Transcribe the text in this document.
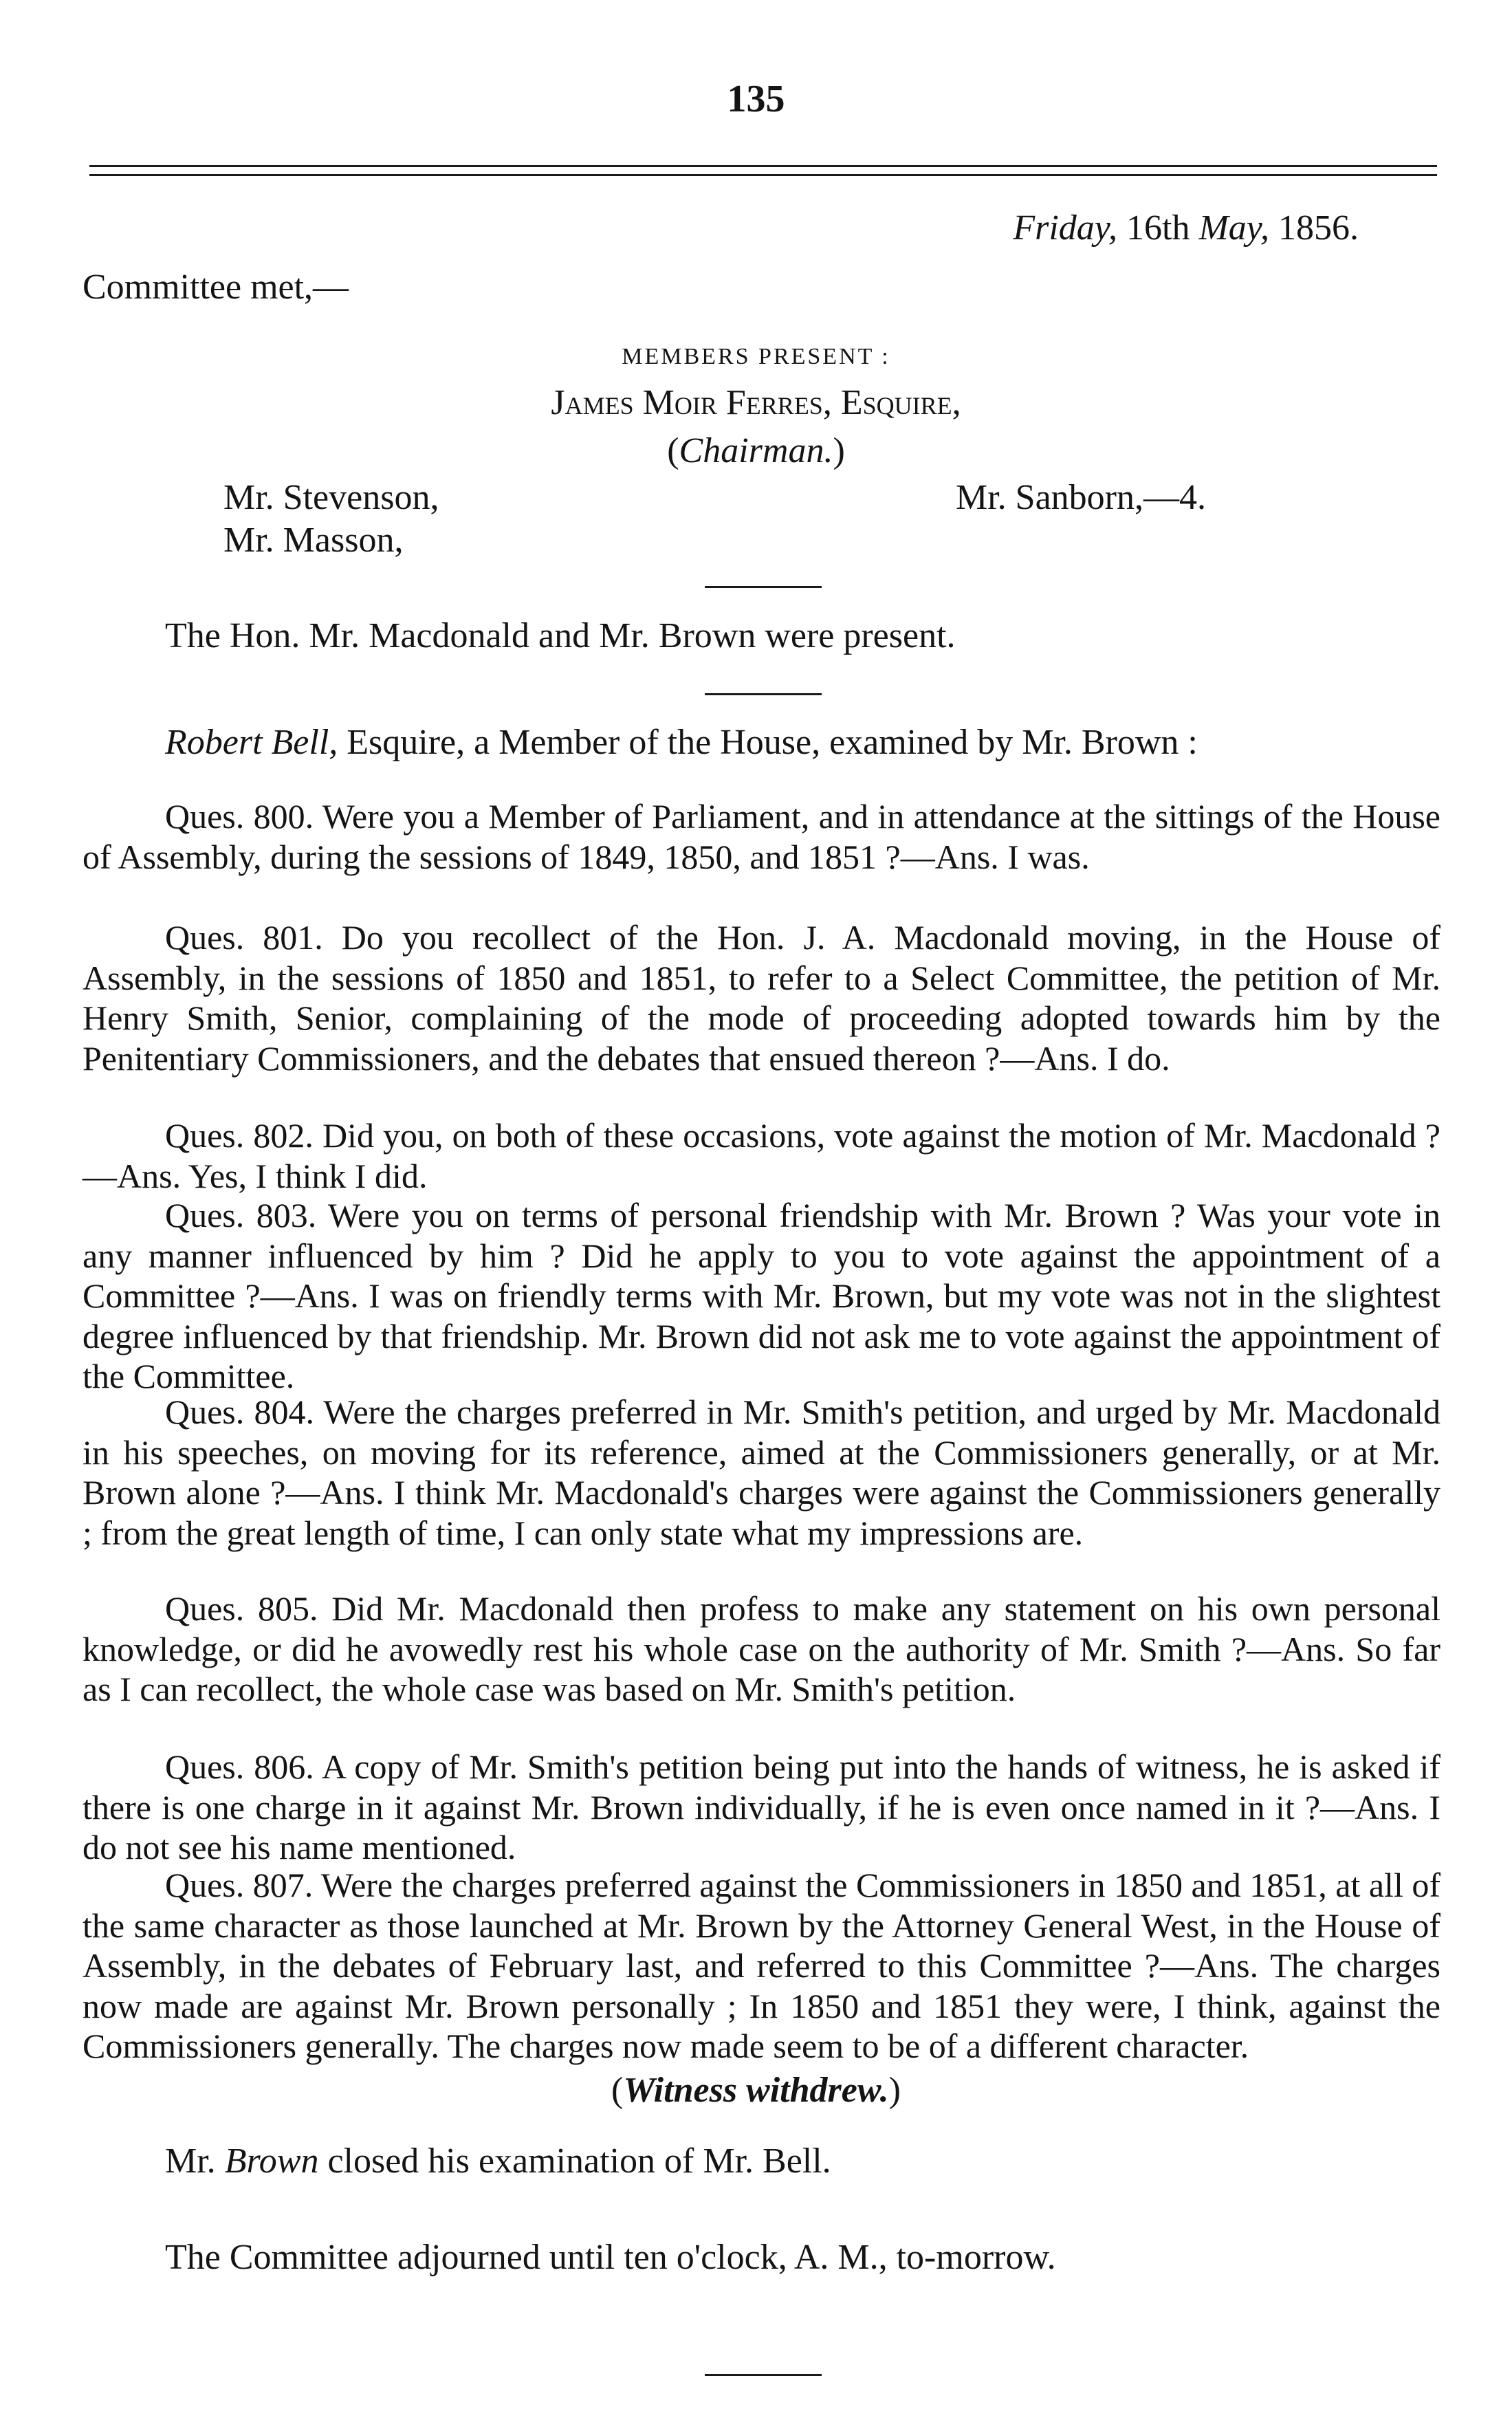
135
Friday, 16th May, 1856.
Committee met,—
MEMBERS PRESENT :
James Moir Ferres, Esquire,
(Chairman.)
Mr. Stevenson,
Mr. Masson,
Mr. Sanborn,—4.
The Hon. Mr. Macdonald and Mr. Brown were present.
Robert Bell, Esquire, a Member of the House, examined by Mr. Brown :

Ques. 800. Were you a Member of Parliament, and in attendance at the sittings of the House of Assembly, during the sessions of 1849, 1850, and 1851 ?—Ans. I was.

Ques. 801. Do you recollect of the Hon. J. A. Macdonald moving, in the House of Assembly, in the sessions of 1850 and 1851, to refer to a Select Committee, the petition of Mr. Henry Smith, Senior, complaining of the mode of proceeding adopted towards him by the Penitentiary Commissioners, and the debates that ensued thereon ?—Ans. I do.

Ques. 802. Did you, on both of these occasions, vote against the motion of Mr. Macdonald ?—Ans. Yes, I think I did.

Ques. 803. Were you on terms of personal friendship with Mr. Brown ? Was your vote in any manner influenced by him ? Did he apply to you to vote against the appointment of a Committee ?—Ans. I was on friendly terms with Mr. Brown, but my vote was not in the slightest degree influenced by that friendship. Mr. Brown did not ask me to vote against the appointment of the Committee.

Ques. 804. Were the charges preferred in Mr. Smith's petition, and urged by Mr. Macdonald in his speeches, on moving for its reference, aimed at the Commissioners generally, or at Mr. Brown alone ?—Ans. I think Mr. Macdonald's charges were against the Commissioners generally ; from the great length of time, I can only state what my impressions are.

Ques. 805. Did Mr. Macdonald then profess to make any statement on his own personal knowledge, or did he avowedly rest his whole case on the authority of Mr. Smith ?—Ans. So far as I can recollect, the whole case was based on Mr. Smith's petition.

Ques. 806. A copy of Mr. Smith's petition being put into the hands of witness, he is asked if there is one charge in it against Mr. Brown individually, if he is even once named in it ?—Ans. I do not see his name mentioned.

Ques. 807. Were the charges preferred against the Commissioners in 1850 and 1851, at all of the same character as those launched at Mr. Brown by the Attorney General West, in the House of Assembly, in the debates of February last, and referred to this Committee ?—Ans. The charges now made are against Mr. Brown personally ; In 1850 and 1851 they were, I think, against the Commissioners generally. The charges now made seem to be of a different character.

(Witness withdrew.)
Mr. Brown closed his examination of Mr. Bell.
The Committee adjourned until ten o'clock, A. M., to-morrow.
